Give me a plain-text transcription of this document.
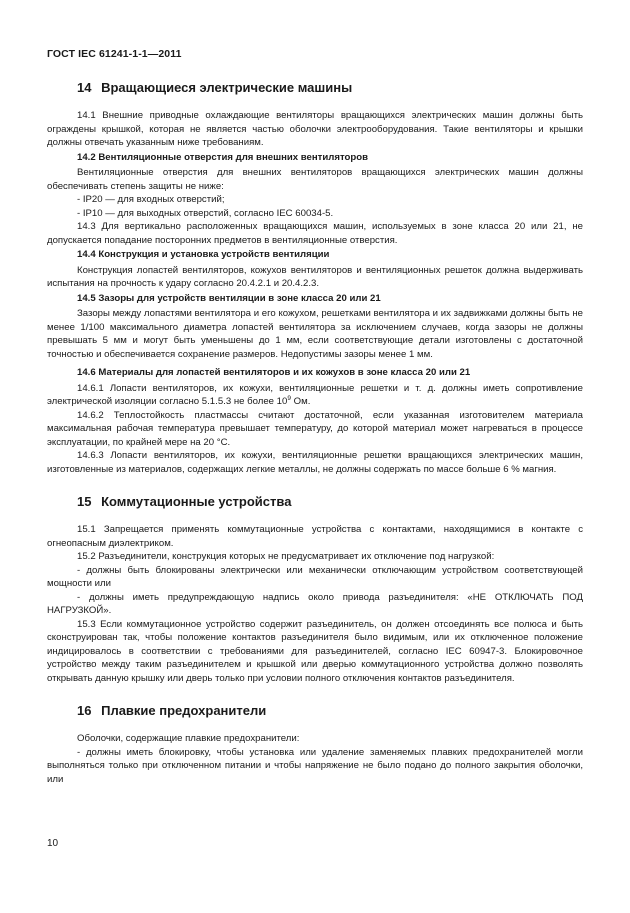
ГОСТ IEC 61241-1-1—2011
14 Вращающиеся электрические машины

14.1 Внешние приводные охлаждающие вентиляторы вращающихся электрических машин должны быть ограждены крышкой, которая не является частью оболочки электрооборудования. Такие вентиляторы и крышки должны отвечать указанным ниже требованиям.

14.2 Вентиляционные отверстия для внешних вентиляторов

Вентиляционные отверстия для внешних вентиляторов вращающихся электрических машин должны обеспечивать степень защиты не ниже:

- IP20 — для входных отверстий;

- IP10 — для выходных отверстий, согласно IEC 60034-5.

14.3 Для вертикально расположенных вращающихся машин, используемых в зоне класса 20 или 21, не допускается попадание посторонних предметов в вентиляционные отверстия.

14.4 Конструкция и установка устройств вентиляции

Конструкция лопастей вентиляторов, кожухов вентиляторов и вентиляционных решеток должна выдерживать испытания на прочность к удару согласно 20.4.2.1 и 20.4.2.3.

14.5 Зазоры для устройств вентиляции в зоне класса 20 или 21

Зазоры между лопастями вентилятора и его кожухом, решетками вентилятора и их задвижками должны быть не менее 1/100 максимального диаметра лопастей вентилятора за исключением случаев, когда зазоры не должны превышать 5 мм и могут быть уменьшены до 1 мм, если соответствующие детали изготовлены с достаточной точностью и обеспечивается сохранение размеров. Недопустимы зазоры менее 1 мм.

14.6 Материалы для лопастей вентиляторов и их кожухов в зоне класса 20 или 21

14.6.1 Лопасти вентиляторов, их кожухи, вентиляционные решетки и т. д. должны иметь сопротивление электрической изоляции согласно 5.1.5.3 не более $10^9$ Ом.

14.6.2 Теплостойкость пластмассы считают достаточной, если указанная изготовителем материала максимальная рабочая температура превышает температуру, до которой материал может нагреваться в процессе эксплуатации, по крайней мере на 20 °С.

14.6.3 Лопасти вентиляторов, их кожухи, вентиляционные решетки вращающихся электрических машин, изготовленные из материалов, содержащих легкие металлы, не должны содержать по массе больше 6 % магния.

15 Коммутационные устройства

15.1 Запрещается применять коммутационные устройства с контактами, находящимися в контакте с огнеопасным диэлектриком.

15.2 Разъединители, конструкция которых не предусматривает их отключение под нагрузкой:

- должны быть блокированы электрически или механически отключающим устройством соответствующей мощности или

- должны иметь предупреждающую надпись около привода разъединителя: «НЕ ОТКЛЮЧАТЬ ПОД НАГРУЗКОЙ».

15.3 Если коммутационное устройство содержит разъединитель, он должен отсоединять все полюса и быть сконструирован так, чтобы положение контактов разъединителя было видимым, или их отключенное положение индицировалось в соответствии с требованиями для разъединителей, согласно IEC 60947-3. Блокировочное устройство между таким разъединителем и крышкой или дверью коммутационного устройства должно позволять открывать данную крышку или дверь только при условии полного отключения контактов разъединителя.

16 Плавкие предохранители

Оболочки, содержащие плавкие предохранители:

- должны иметь блокировку, чтобы установка или удаление заменяемых плавких предохранителей могли выполняться только при отключенном питании и чтобы напряжение не было подано до полного закрытия оболочки, или

10
